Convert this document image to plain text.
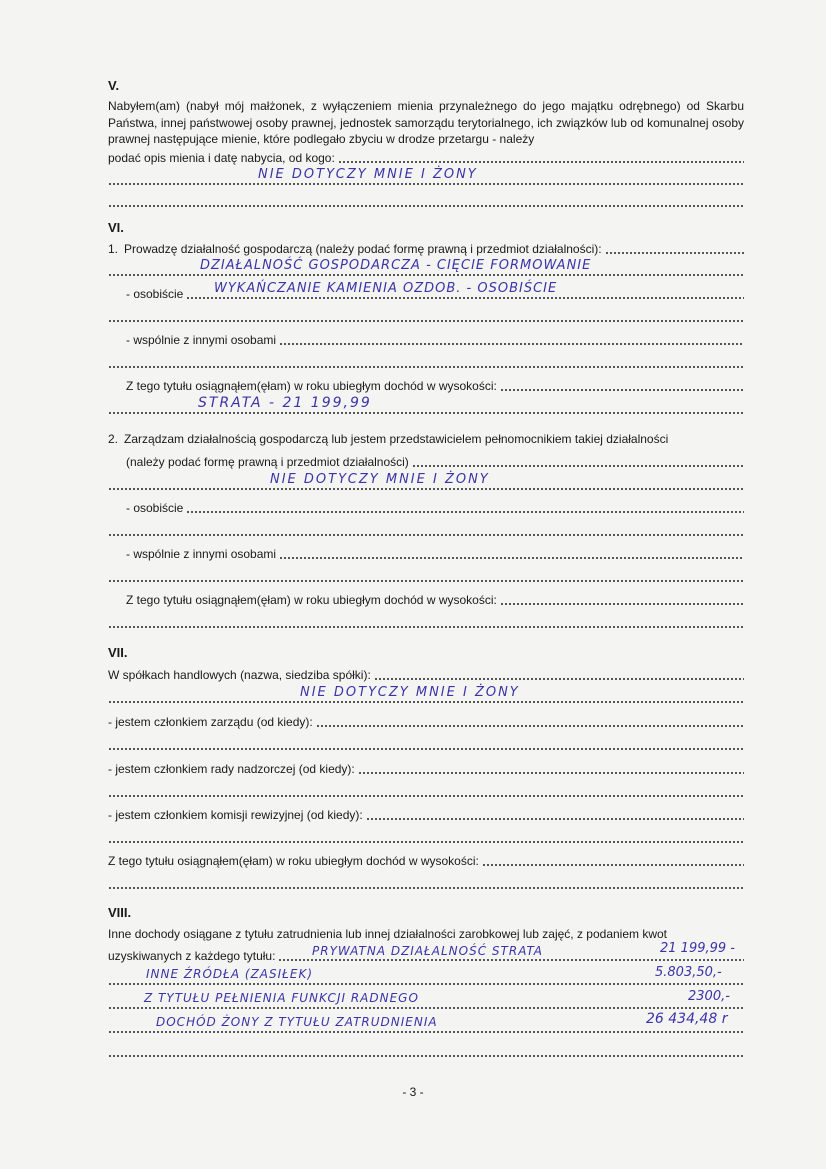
V.
Nabyłem(am) (nabył mój małżonek, z wyłączeniem mienia przynależnego do jego majątku odrębnego) od Skarbu Państwa, innej państwowej osoby prawnej, jednostek samorządu terytorialnego, ich związków lub od komunalnej osoby prawnej następujące mienie, które podlegało zbyciu w drodze przetargu - należy
podać opis mienia i datę nabycia, od kogo:
NIE DOTYCZY MNIE I ŻONY
VI.
1. Prowadzę działalność gospodarczą (należy podać formę prawną i przedmiot działalności):
DZIAŁALNOŚĆ GOSPODARCZA - CIĘCIE FORMOWANIE
- osobiście WYKAŃCZANIE KAMIENIA OZDOB. - OSOBIŚCIE
- wspólnie z innymi osobami
Z tego tytułu osiągnąłem(ęłam) w roku ubiegłym dochód w wysokości:
STRATA - 21 199,99
2. Zarządzam działalnością gospodarczą lub jestem przedstawicielem pełnomocnikiem takiej działalności
(należy podać formę prawną i przedmiot działalności)
NIE DOTYCZY MNIE I ŻONY
- osobiście
- wspólnie z innymi osobami
Z tego tytułu osiągnąłem(ęłam) w roku ubiegłym dochód w wysokości:
VII.
W spółkach handlowych (nazwa, siedziba spółki):
NIE DOTYCZY MNIE I ŻONY
- jestem członkiem zarządu (od kiedy):
- jestem członkiem rady nadzorczej (od kiedy):
- jestem członkiem komisji rewizyjnej (od kiedy):
Z tego tytułu osiągnąłem(ęłam) w roku ubiegłym dochód w wysokości:
VIII.
Inne dochody osiągane z tytułu zatrudnienia lub innej działalności zarobkowej lub zajęć, z podaniem kwot
uzyskiwanych z każdego tytułu:	PRYWATNA DZIAŁALNOŚĆ STRATA	21 199,99 -
INNE ŹRÓDŁA (ZASIŁEK)	5.803,50,-
Z TYTUŁU PEŁNIENIA FUNKCJI RADNEGO	2300,-
DOCHÓD ŻONY Z TYTUŁU ZATRUDNIENIA	26 434,48 r
- 3 -
